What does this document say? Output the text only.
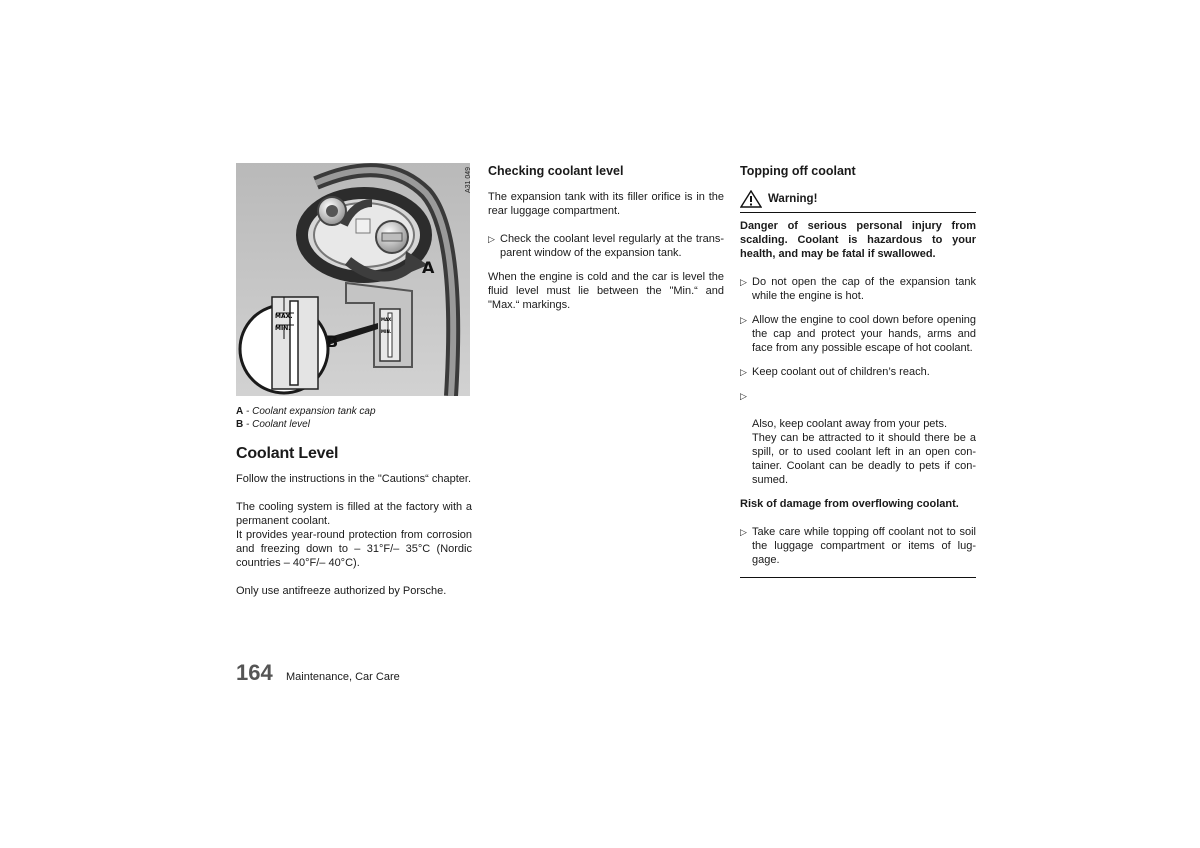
MAX.
MIN.
MAX.
MIN.
A
B
A31 049
A - Coolant expansion tank cap
B - Coolant level
Coolant Level

Follow the instructions in the "Cautions“ chapter.

The cooling system is filled at the factory with a permanent coolant.
It provides year-round protection from corrosion and freezing down to – 31°F/– 35°C (Nordic countries – 40°F/– 40°C).

Only use antifreeze authorized by Porsche.

Checking coolant level

The expansion tank with its filler orifice is in the rear luggage compartment.

▷ Check the coolant level regularly at the trans- parent window of the expansion tank.

When the engine is cold and the car is level the fluid level must lie between the "Min.“ and "Max.“ markings.

Topping off coolant
Warning!

Danger of serious personal injury from scalding. Coolant is hazardous to your health, and may be fatal if swallowed.

▷ Do not open the cap of the expansion tank while the engine is hot.
▷ Allow the engine to cool down before opening the cap and protect your hands, arms and face from any possible escape of hot coolant.
▷ Keep coolant out of children’s reach.

▷

Also, keep coolant away from your pets.
They can be attracted to it should there be a spill, or to used coolant left in an open con- tainer. Coolant can be deadly to pets if con- sumed.

Risk of damage from overflowing coolant.

▷ Take care while topping off coolant not to soil the luggage compartment or items of lug- gage.
164 Maintenance, Car Care
